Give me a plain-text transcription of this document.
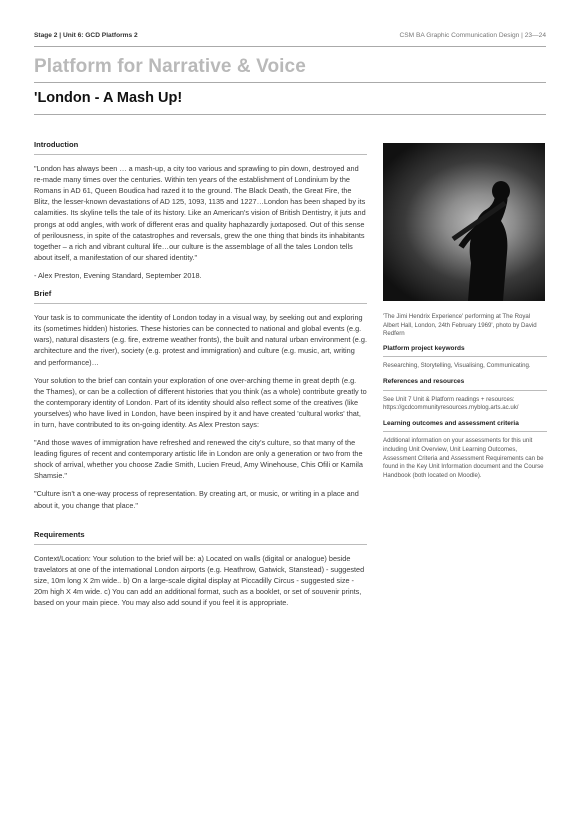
Stage 2 | Unit 6: GCD Platforms 2	CSM BA Graphic Communication Design | 23—24
Platform for Narrative & Voice
'London - A Mash Up!
Introduction

"London has always been … a mash-up, a city too various and sprawling to pin down, destroyed and re-made many times over the centuries. Within ten years of the establishment of Londinium by the Romans in AD 61, Queen Boudica had razed it to the ground. The Black Death, the Great Fire, the Blitz, the lesser-known devastations of AD 125, 1093, 1135 and 1227…London has been shaped by its calamities. Its skyline tells the tale of its history. Like an American's vision of British Dentistry, it juts and prongs at odd angles, with work of different eras and quality haphazardly juxtaposed. Out of this sense of perilousness, in spite of the catastrophes and reversals, grew the one thing that binds its inhabitants together – a rich and vibrant cultural life…our culture is the assemblage of all the tales London tells about itself, a manifestation of our shared identity."

- Alex Preston, Evening Standard, September 2018.

Brief

Your task is to communicate the identity of London today in a visual way, by seeking out and exploring its (sometimes hidden) histories. These histories can be connected to national and global events (e.g. wars), natural disasters (e.g. fire, extreme weather fronts), the built and natural urban environment (e.g. architecture and the river), society (e.g. protest and immigration) and culture (e.g. music, art, writing and performance)…

Your solution to the brief can contain your exploration of one over-arching theme in great depth (e.g. the Thames), or can be a collection of different histories that you think (as a whole) contribute greatly to the contemporary identity of London. Part of its identity should also reflect some of the creatives (like yourselves) who have lived in London, have been inspired by it and have created 'cultural works' that, in turn, have contributed to its on-going identity. As Alex Preston says:

"And those waves of immigration have refreshed and renewed the city's culture, so that many of the leading figures of recent and contemporary artistic life in London are only a generation or two from the shock of arrival, whether you choose Zadie Smith, Lucien Freud, Amy Winehouse, Chis Ofili or Kamila Shamsie."

"Culture isn't a one-way process of representation. By creating art, or music, or writing in a place and about it, you change that place."

Requirements

Context/Location: Your solution to the brief will be: a) Located on walls (digital or analogue) beside travelators at one of the international London airports (e.g. Heathrow, Gatwick, Stanstead) - suggested size, 10m long X 2m wide.. b) On a large-scale digital display at Piccadilly Circus - suggested size - 20m high X 4m wide. c) You can add an additional format, such as a booklet, or set of souvenir prints, based on your main piece. You may also add sound if you feel it is appropriate.

'The Jimi Hendrix Experience' performing at The Royal Albert Hall, London, 24th February 1969', photo by David Redfern

Platform project keywords

Researching, Storytelling, Visualising, Communicating.

References and resources

See Unit 7 Unit & Platform readings + resources: https://gcdcommunityresources.myblog.arts.ac.uk/

Learning outcomes and assessment criteria

Additional information on your assessments for this unit including Unit Overview, Unit Learning Outcomes, Assessment Criteria and Assessment Requirements can be found in the Key Unit Information document and the Course Handbook (both located on Moodle).
